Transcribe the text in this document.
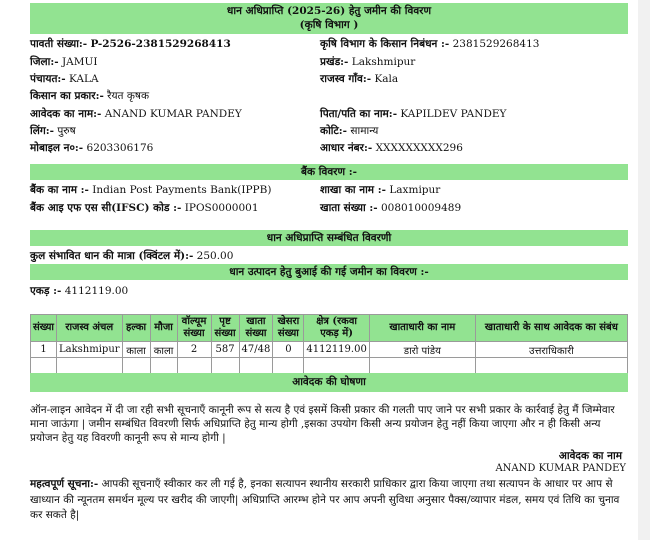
धान अधिप्राप्ति (2025-26) हेतु जमीन की विवरण
(कृषि विभाग )
पावती संख्या:- P-2526-2381529268413	कृषि विभाग के किसान निबंधन :- 2381529268413
जिला:- JAMUI	प्रखंड:- Lakshmipur
पंचायत:- KALA	राजस्व गाँव:- Kala
किसान का प्रकार:- रैयत कृषक
आवेदक का नाम:- ANAND KUMAR PANDEY	पिता/पति का नाम:- KAPILDEV PANDEY
लिंग:- पुरुष	कोटि:- सामान्य
मोबाइल न०:- 6203306176	आधार नंबर:- XXXXXXXXX296
बैंक विवरण :-
बैंक का नाम :- Indian Post Payments Bank(IPPB)	शाखा का नाम :- Laxmipur
बैंक आइ एफ एस सी(IFSC) कोड :- IPOS0000001	खाता संख्या :- 008010009489
धान अधिप्राप्ति सम्बंधित विवरणी
कुल संभावित धान की मात्रा (क्विंटल में):- 250.00
धान उत्पादन हेतु बुआई की गई जमीन का विवरण :-
एकड़ :- 4112119.00
संख्या	राजस्व अंचल	हल्का	मौजा	वॉल्यूम संख्या	पृष्ट संख्या	खाता संख्या	खेसरा संख्या	क्षेत्र (रकवा एकड़ में)	खाताधारी का नाम	खाताधारी के साथ आवेदक का संबंध
1	Lakshmipur	काला	काला	2	587	47/48	0	4112119.00	डारो पांडेय	उत्तराधिकारी

आवेदक की घोषणा
ऑन-लाइन आवेदन में दी जा रही सभी सूचनाएँ कानूनी रूप से सत्य है एवं इसमें किसी प्रकार की गलती पाए जाने पर सभी प्रकार के कार्रवाई हेतु मैं जिम्मेवार माना जाऊंगा | जमीन सम्बंधित विवरणी सिर्फ अधिप्राप्ति हेतु मान्य होगी ,इसका उपयोग किसी अन्य प्रयोजन हेतु नहीं किया जाएगा और न ही किसी अन्य प्रयोजन हेतु यह विवरणी कानूनी रूप से मान्य होगी |
आवेदक का नाम
ANAND KUMAR PANDEY
महत्वपूर्ण सूचना:- आपकी सूचनाएँ स्वीकार कर ली गई है, इनका सत्यापन स्थानीय सरकारी प्राधिकार द्वारा किया जाएगा तथा सत्यापन के आधार पर आप से खाध्यान की न्यूनतम समर्थन मूल्य पर खरीद की जाएगी| अधिप्राप्ति आरम्भ होने पर आप अपनी सुविधा अनुसार पैक्स/व्यापार मंडल, समय एवं तिथि का चुनाव कर सकते है|
